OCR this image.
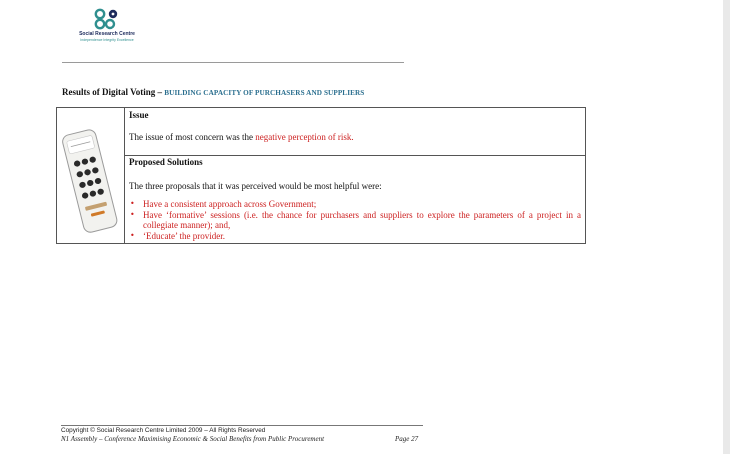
Social Research Centre
Independence Integrity Excellence
Results of Digital Voting – BUILDING CAPACITY OF PURCHASERS AND SUPPLIERS
Issue
The issue of most concern was the negative perception of risk.
Proposed Solutions
The three proposals that it was perceived would be most helpful were:
• Have a consistent approach across Government;
• Have ‘formative’ sessions (i.e. the chance for purchasers and suppliers to explore the parameters of a project in a collegiate manner); and,
• ‘Educate’ the provider.
Copyright © Social Research Centre Limited 2009 – All Rights Reserved
N1 Assembly – Conference Maximising Economic & Social Benefits from Public Procurement	Page 27
